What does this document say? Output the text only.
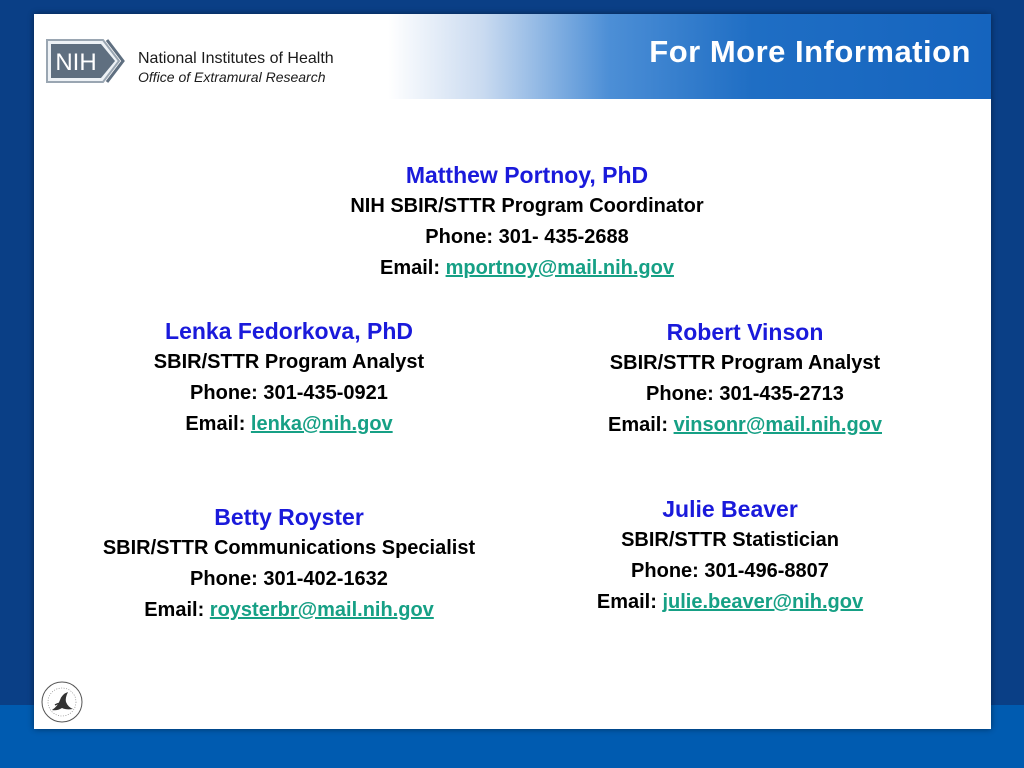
NIH	National Institutes of Health
Office of Extramural Research
For More Information
Matthew Portnoy, PhD
NIH SBIR/STTR Program Coordinator
Phone: 301- 435-2688
Email: mportnoy@mail.nih.gov
Lenka Fedorkova, PhD
SBIR/STTR Program Analyst
Phone: 301-435-0921
Email: lenka@nih.gov
Robert Vinson
SBIR/STTR Program Analyst
Phone: 301-435-2713
Email: vinsonr@mail.nih.gov
Betty Royster
SBIR/STTR Communications Specialist
Phone: 301-402-1632
Email: roysterbr@mail.nih.gov
Julie Beaver
SBIR/STTR Statistician
Phone: 301-496-8807
Email: julie.beaver@nih.gov
